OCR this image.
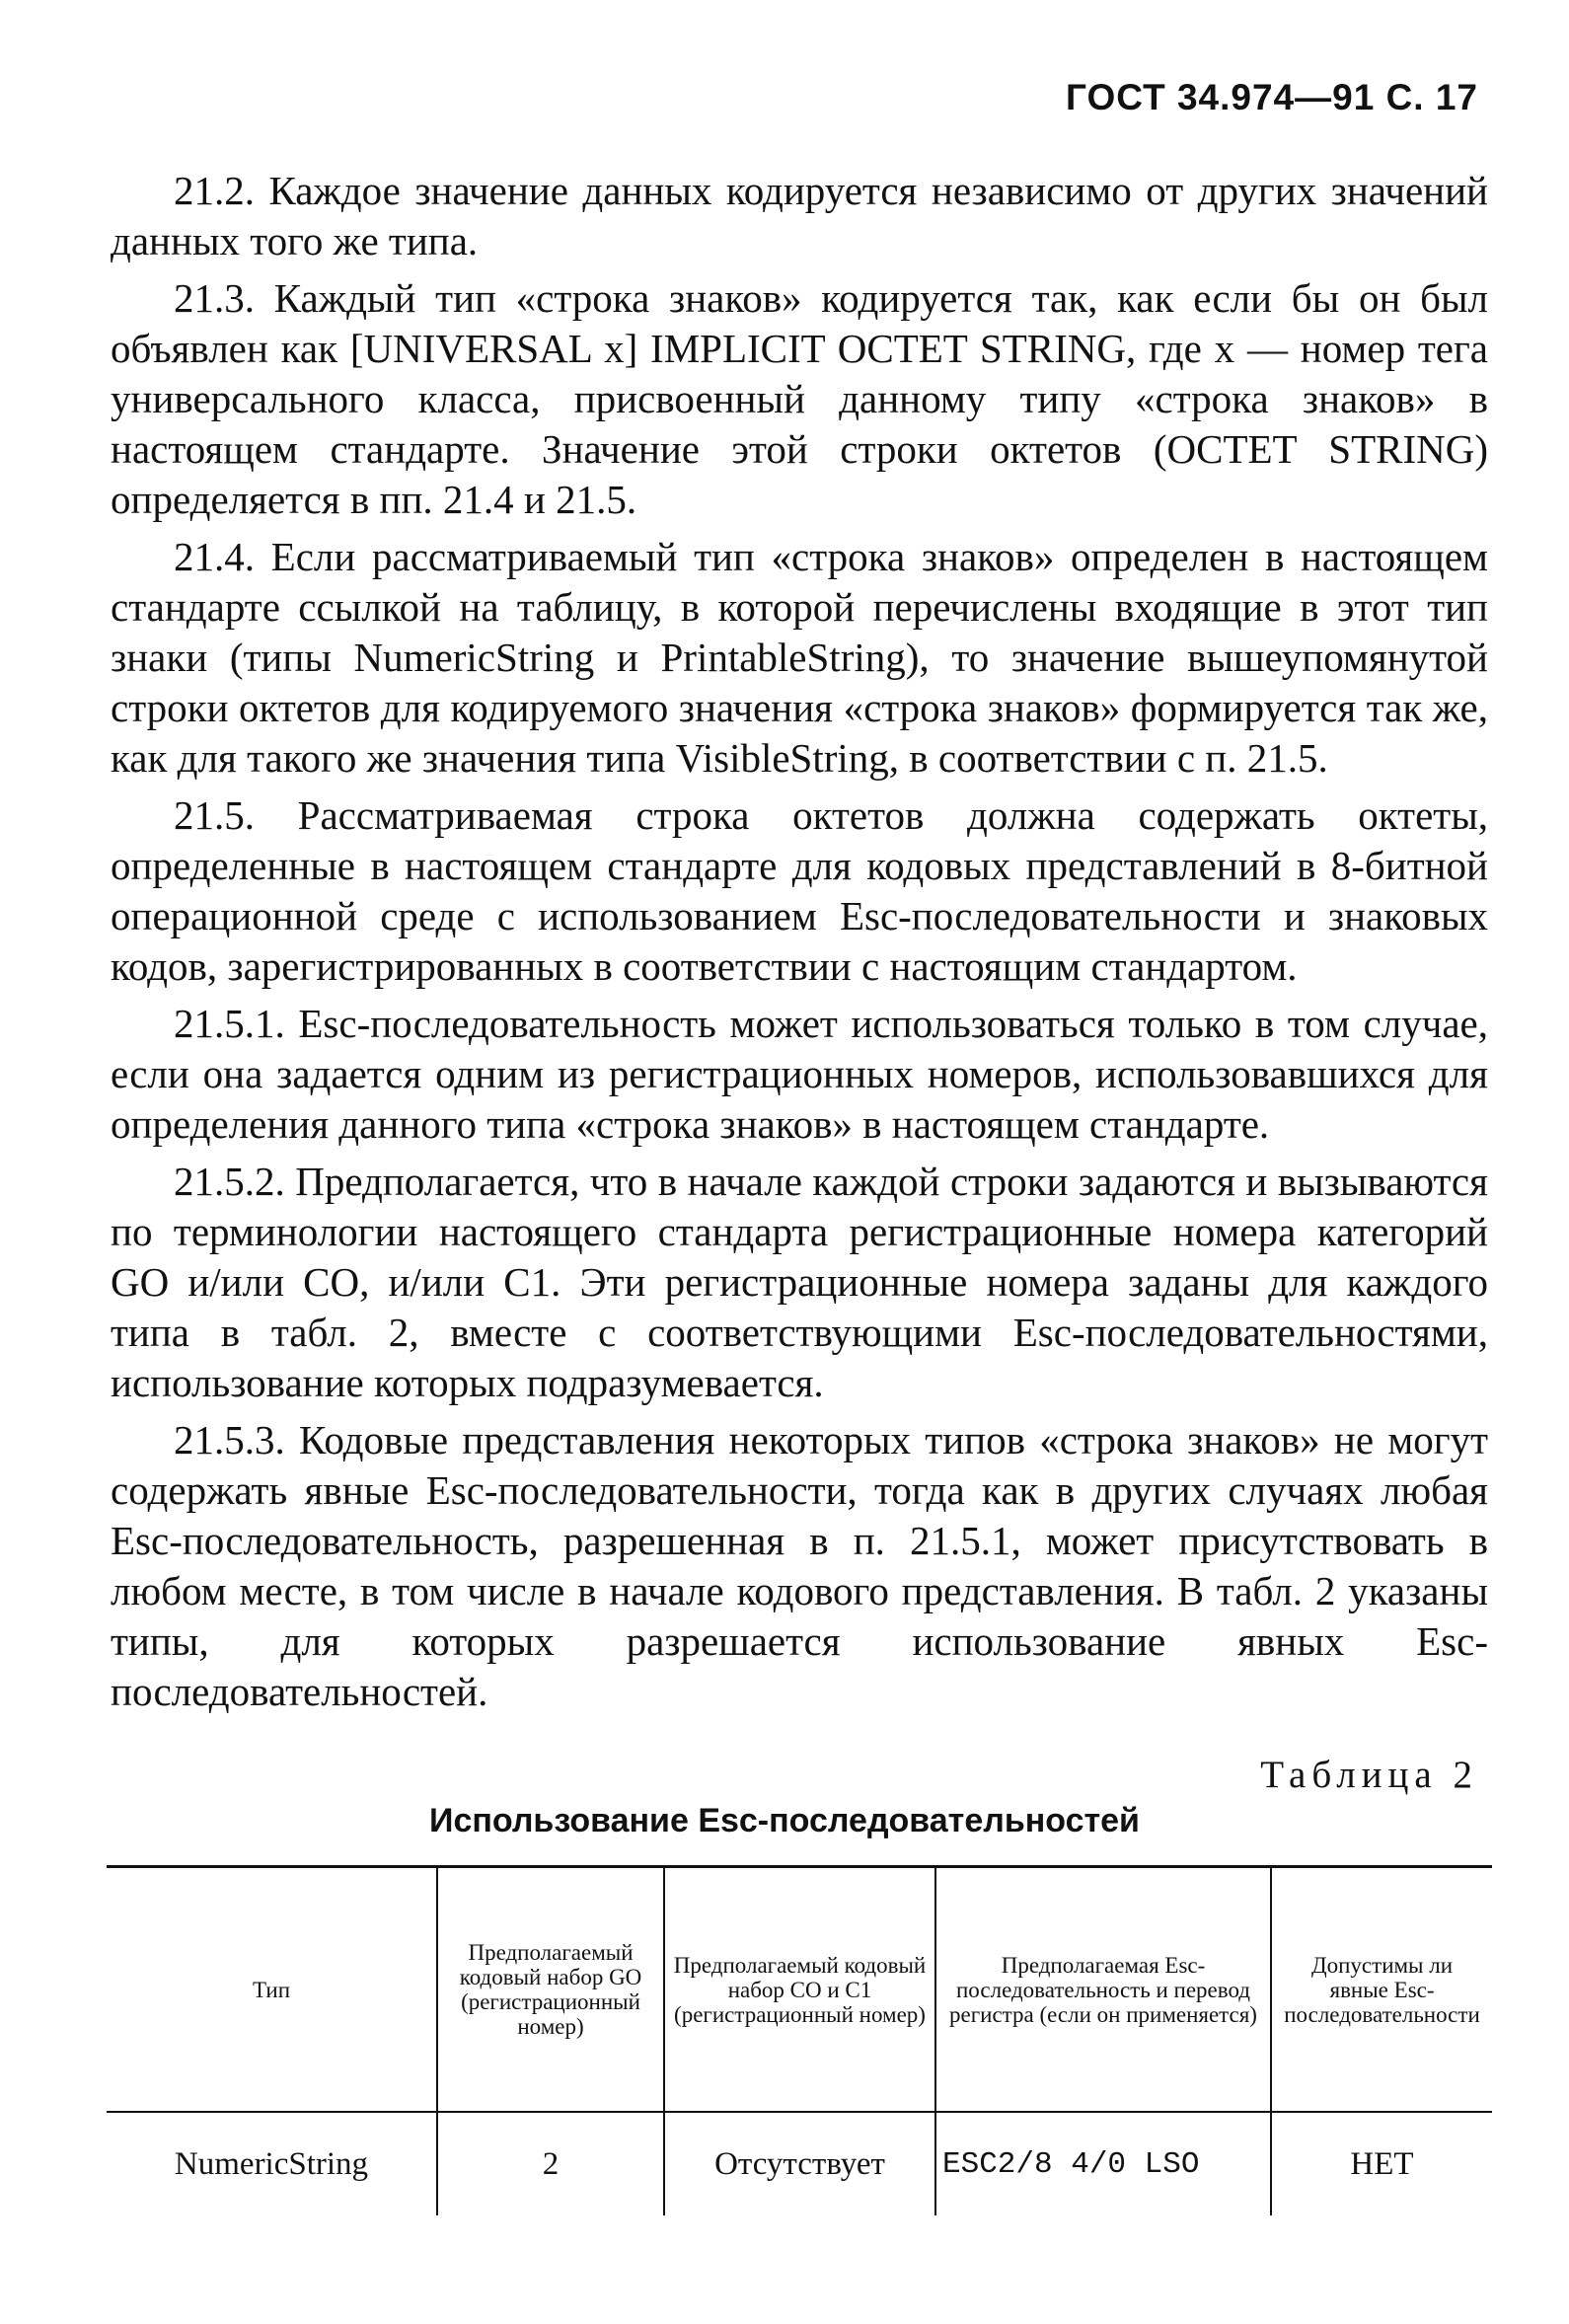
ГОСТ 34.974—91 С. 17

21.2. Каждое значение данных кодируется независимо от других значений данных того же типа.

21.3. Каждый тип «строка знаков» кодируется так, как если бы он был объявлен как [UNIVERSAL x] IMPLICIT OCTET STRING, где x — номер тега универсального класса, присвоенный данному типу «строка знаков» в настоящем стандарте. Значение этой строки октетов (OCTET STRING) определяется в пп. 21.4 и 21.5.

21.4. Если рассматриваемый тип «строка знаков» определен в настоящем стандарте ссылкой на таблицу, в которой перечислены входящие в этот тип знаки (типы NumericString и PrintableString), то значение вышеупомянутой строки октетов для кодируемого значения «строка знаков» формируется так же, как для такого же значения типа VisibleString, в соответствии с п. 21.5.

21.5. Рассматриваемая строка октетов должна содержать октеты, определенные в настоящем стандарте для кодовых представлений в 8-битной операционной среде с использованием Esc-последовательности и знаковых кодов, зарегистрированных в соответствии с настоящим стандартом.

21.5.1. Esc-последовательность может использоваться только в том случае, если она задается одним из регистрационных номеров, использовавшихся для определения данного типа «строка знаков» в настоящем стандарте.

21.5.2. Предполагается, что в начале каждой строки задаются и вызываются по терминологии настоящего стандарта регистрационные номера категорий GO и/или CO, и/или C1. Эти регистрационные номера заданы для каждого типа в табл. 2, вместе с соответствующими Esc-последовательностями, использование которых подразумевается.

21.5.3. Кодовые представления некоторых типов «строка знаков» не могут содержать явные Esc-последовательности, тогда как в других случаях любая Esc-последовательность, разрешенная в п. 21.5.1, может присутствовать в любом месте, в том числе в начале кодового представления. В табл. 2 указаны типы, для которых разрешается использование явных Esc-последовательностей.

Таблица 2
Использование Esc-последовательностей
Тип	Предполагаемый кодовый набор GO (регистрационный номер)	Предполагаемый кодовый набор CO и C1 (регистрационный номер)	Предполагаемая Esc-последовательность и перевод регистра (если он применяется)	Допустимы ли явные Esc-последовательности
NumericString	2	Отсутствует	ESC2/8 4/0 LSO	НЕТ
